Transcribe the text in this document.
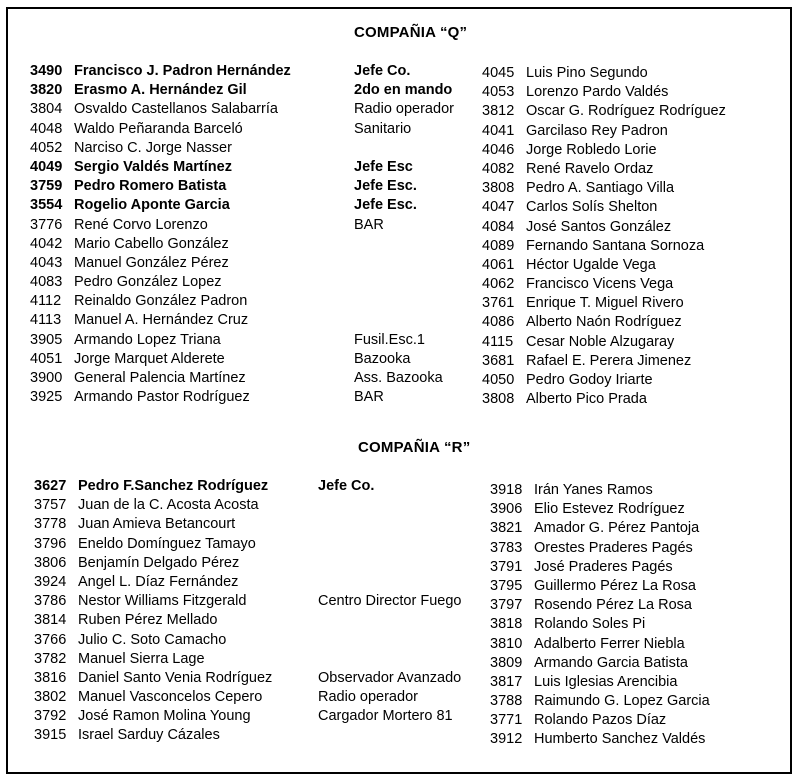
COMPAÑIA “Q”
3490 Francisco J. Padron Hernández
3820 Erasmo A. Hernández Gil
3804 Osvaldo Castellanos Salabarría
4048 Waldo Peñaranda Barceló
4052 Narciso C. Jorge Nasser
4049 Sergio Valdés Martínez
3759 Pedro Romero Batista
3554 Rogelio Aponte Garcia
3776 René Corvo Lorenzo
4042 Mario Cabello González
4043 Manuel González Pérez
4083 Pedro González Lopez
4112 Reinaldo González Padron
4113 Manuel A. Hernández Cruz
3905 Armando Lopez Triana
4051 Jorge Marquet Alderete
3900 General Palencia Martínez
3925 Armando Pastor Rodríguez
Jefe Co.
2do en mando
Radio operador
Sanitario
Jefe Esc
Jefe Esc.
Jefe Esc.
BAR
Fusil.Esc.1
Bazooka
Ass. Bazooka
BAR
4045 Luis Pino Segundo
4053 Lorenzo Pardo Valdés
3812 Oscar G. Rodríguez Rodríguez
4041 Garcilaso Rey Padron
4046 Jorge Robledo Lorie
4082 René Ravelo Ordaz
3808 Pedro A. Santiago Villa
4047 Carlos Solís Shelton
4084 José Santos González
4089 Fernando Santana Sornoza
4061 Héctor Ugalde Vega
4062 Francisco Vicens Vega
3761 Enrique T. Miguel Rivero
4086 Alberto Naón Rodríguez
4115 Cesar Noble Alzugaray
3681 Rafael E. Perera Jimenez
4050 Pedro Godoy Iriarte
3808 Alberto Pico Prada
COMPAÑIA “R”
3627 Pedro F.Sanchez Rodríguez
3757 Juan de la C. Acosta Acosta
3778 Juan Amieva Betancourt
3796 Eneldo Domínguez Tamayo
3806 Benjamín Delgado Pérez
3924 Angel L. Díaz Fernández
3786 Nestor Williams Fitzgerald
3814 Ruben Pérez Mellado
3766 Julio C. Soto Camacho
3782 Manuel Sierra Lage
3816 Daniel Santo Venia Rodríguez
3802 Manuel Vasconcelos Cepero
3792 José Ramon Molina Young
3915 Israel Sarduy Cázales
Jefe Co.
Centro Director Fuego
Observador Avanzado
Radio operador
Cargador Mortero 81
3918 Irán Yanes Ramos
3906 Elio Estevez Rodríguez
3821 Amador G. Pérez Pantoja
3783 Orestes Praderes Pagés
3791 José Praderes Pagés
3795 Guillermo Pérez La Rosa
3797 Rosendo Pérez La Rosa
3818 Rolando Soles Pi
3810 Adalberto Ferrer Niebla
3809 Armando Garcia Batista
3817 Luis Iglesias Arencibia
3788 Raimundo G. Lopez Garcia
3771 Rolando Pazos Díaz
3912 Humberto Sanchez Valdés
